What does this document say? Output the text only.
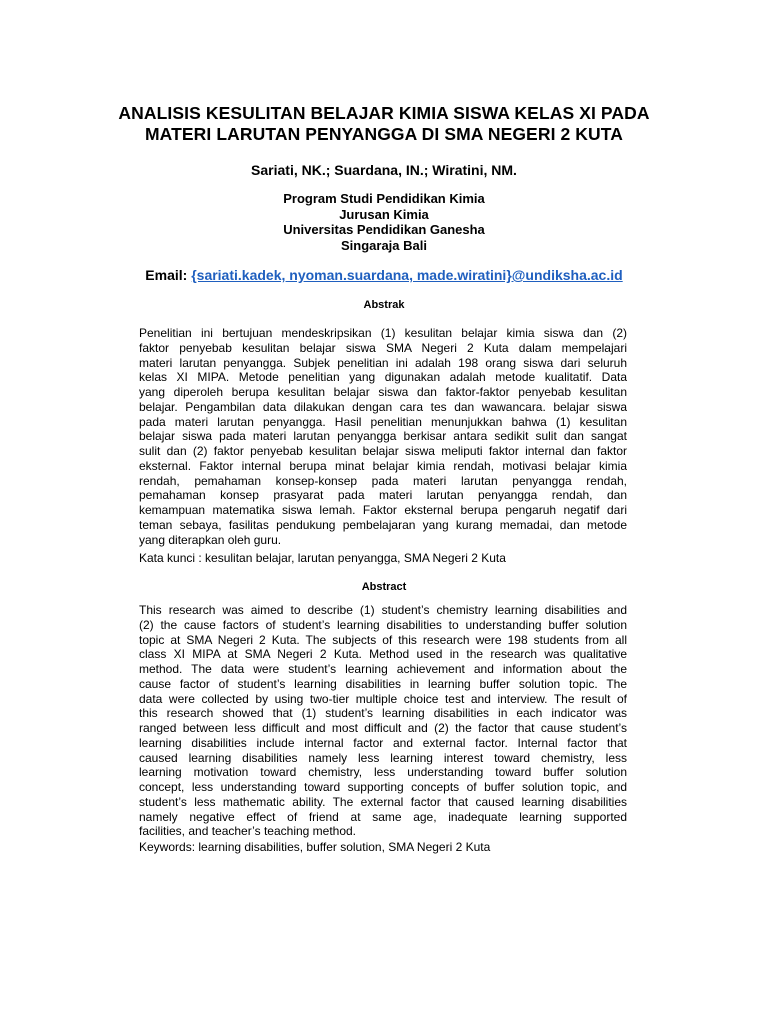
ANALISIS KESULITAN BELAJAR KIMIA SISWA KELAS XI PADA
MATERI LARUTAN PENYANGGA DI SMA NEGERI 2 KUTA
Sariati, NK.; Suardana, IN.; Wiratini, NM.
Program Studi Pendidikan Kimia
Jurusan Kimia
Universitas Pendidikan Ganesha
Singaraja Bali
Email: {sariati.kadek, nyoman.suardana, made.wiratini}@undiksha.ac.id
Abstrak
Penelitian ini bertujuan mendeskripsikan (1) kesulitan belajar kimia siswa dan (2)
faktor penyebab kesulitan belajar siswa SMA Negeri 2 Kuta dalam mempelajari
materi larutan penyangga. Subjek penelitian ini adalah 198 orang siswa dari seluruh
kelas XI MIPA. Metode penelitian yang digunakan adalah metode kualitatif. Data
yang diperoleh berupa kesulitan belajar siswa dan faktor-faktor penyebab kesulitan
belajar. Pengambilan data dilakukan dengan cara tes dan wawancara. belajar siswa
pada materi larutan penyangga. Hasil penelitian menunjukkan bahwa (1) kesulitan
belajar siswa pada materi larutan penyangga berkisar antara sedikit sulit dan sangat
sulit dan (2) faktor penyebab kesulitan belajar siswa meliputi faktor internal dan faktor
eksternal. Faktor internal berupa minat belajar kimia rendah, motivasi belajar kimia
rendah, pemahaman konsep-konsep pada materi larutan penyangga rendah,
pemahaman konsep prasyarat pada materi larutan penyangga rendah, dan
kemampuan matematika siswa lemah. Faktor eksternal berupa pengaruh negatif dari
teman sebaya, fasilitas pendukung pembelajaran yang kurang memadai, dan metode
yang diterapkan oleh guru.
Kata kunci : kesulitan belajar, larutan penyangga, SMA Negeri 2 Kuta
Abstract
This research was aimed to describe (1) student’s chemistry learning disabilities and
(2) the cause factors of student’s learning disabilities to understanding buffer solution
topic at SMA Negeri 2 Kuta. The subjects of this research were 198 students from all
class XI MIPA at SMA Negeri 2 Kuta. Method used in the research was qualitative
method. The data were student’s learning achievement and information about the
cause factor of student’s learning disabilities in learning buffer solution topic. The
data were collected by using two-tier multiple choice test and interview. The result of
this research showed that (1) student’s learning disabilities in each indicator was
ranged between less difficult and most difficult and (2) the factor that cause student’s
learning disabilities include internal factor and external factor. Internal factor that
caused learning disabilities namely less learning interest toward chemistry, less
learning motivation toward chemistry, less understanding toward buffer solution
concept, less understanding toward supporting concepts of buffer solution topic, and
student’s less mathematic ability. The external factor that caused learning disabilities
namely negative effect of friend at same age, inadequate learning supported
facilities, and teacher’s teaching method.
Keywords: learning disabilities, buffer solution, SMA Negeri 2 Kuta
